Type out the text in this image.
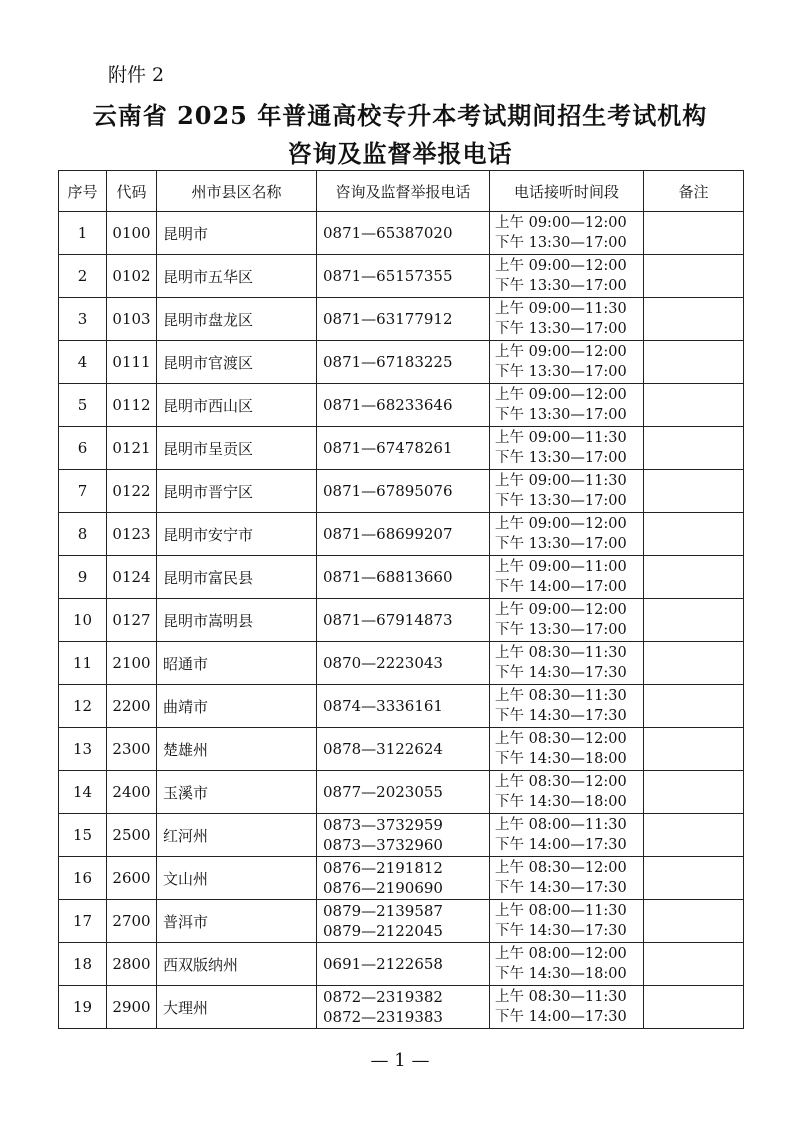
附件 2
云南省 2025 年普通高校专升本考试期间招生考试机构
咨询及监督举报电话
序号	代码	州市县区名称	咨询及监督举报电话	电话接听时间段	备注
1	0100	昆明市	0871—65387020	上午 09:00—12:00
下午 13:30—17:00	

2	0102	昆明市五华区	0871—65157355	上午 09:00—12:00
下午 13:30—17:00	

3	0103	昆明市盘龙区	0871—63177912	上午 09:00—11:30
下午 13:30—17:00	

4	0111	昆明市官渡区	0871—67183225	上午 09:00—12:00
下午 13:30—17:00	

5	0112	昆明市西山区	0871—68233646	上午 09:00—12:00
下午 13:30—17:00	

6	0121	昆明市呈贡区	0871—67478261	上午 09:00—11:30
下午 13:30—17:00	

7	0122	昆明市晋宁区	0871—67895076	上午 09:00—11:30
下午 13:30—17:00	

8	0123	昆明市安宁市	0871—68699207	上午 09:00—12:00
下午 13:30—17:00	

9	0124	昆明市富民县	0871—68813660	上午 09:00—11:00
下午 14:00—17:00	

10	0127	昆明市嵩明县	0871—67914873	上午 09:00—12:00
下午 13:30—17:00	

11	2100	昭通市	0870—2223043	上午 08:30—11:30
下午 14:30—17:30	

12	2200	曲靖市	0874—3336161	上午 08:30—11:30
下午 14:30—17:30	

13	2300	楚雄州	0878—3122624	上午 08:30—12:00
下午 14:30—18:00	

14	2400	玉溪市	0877—2023055	上午 08:30—12:00
下午 14:30—18:00	

15	2500	红河州	0873—3732959
0873—3732960	上午 08:00—11:30
下午 14:00—17:30	

16	2600	文山州	0876—2191812
0876—2190690	上午 08:30—12:00
下午 14:30—17:30	

17	2700	普洱市	0879—2139587
0879—2122045	上午 08:00—11:30
下午 14:30—17:30	

18	2800	西双版纳州	0691—2122658	上午 08:00—12:00
下午 14:30—18:00	

19	2900	大理州	0872—2319382
0872—2319383	上午 08:30—11:30
下午 14:00—17:30	

— 1 —
